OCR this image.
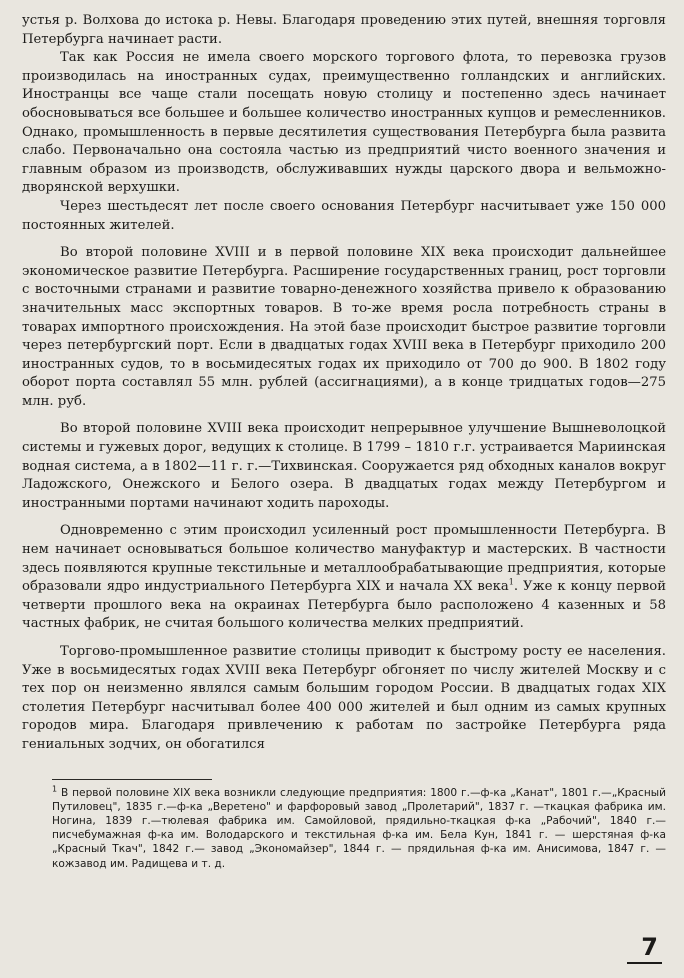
устья р. Волхова до истока р. Невы. Благодаря проведению этих путей, внешняя торговля Петербурга начинает расти.

Так как Россия не имела своего морского торгового флота, то перевозка грузов производилась на иностранных судах, преимущественно голландских и английских. Иностранцы все чаще стали посещать новую столицу и постепенно здесь начинает обосновываться все большее и большее количество иностранных купцов и ремесленников. Однако, промышленность в первые десятилетия существования Петербурга была развита слабо. Первоначально она состояла частью из предприятий чисто военного значения и главным образом из производств, обслуживавших нужды царского двора и вельможно-дворянской верхушки.

Через шестьдесят лет после своего основания Петербург насчитывает уже 150 000 постоянных жителей.

Во второй половине XVIII и в первой половине XIX века происходит дальнейшее экономическое развитие Петербурга. Расширение государственных границ, рост торговли с восточными странами и развитие товарно-денежного хозяйства привело к образованию значительных масс экспортных товаров. В то-же время росла потребность страны в товарах импортного происхождения. На этой базе происходит быстрое развитие торговли через петербургский порт. Если в двадцатых годах XVIII века в Петербург приходило 200 иностранных судов, то в восьмидесятых годах их приходило от 700 до 900. В 1802 году оборот порта составлял 55 млн. рублей (ассигнациями), а в конце тридцатых годов—275 млн. руб.

Во второй половине XVIII века происходит непрерывное улучшение Вышневолоцкой системы и гужевых дорог, ведущих к столице. В 1799 – 1810 г.г. устраивается Мариинская водная система, а в 1802—11 г. г.—Тихвинская. Сооружается ряд обходных каналов вокруг Ладожского, Онежского и Белого озера. В двадцатых годах между Петербургом и иностранными портами начинают ходить пароходы.

Одновременно с этим происходил усиленный рост промышленности Петербурга. В нем начинает основываться большое количество мануфактур и мастерских. В частности здесь появляются крупные текстильные и металлообрабатывающие предприятия, которые образовали ядро индустриального Петербурга XIX и начала XX века$^1$. Уже к концу первой четверти прошлого века на окраинах Петербурга было расположено 4 казенных и 58 частных фабрик, не считая большого количества мелких предприятий.

Торгово-промышленное развитие столицы приводит к быстрому росту ее населения. Уже в восьмидесятых годах XVIII века Петербург обгоняет по числу жителей Москву и с тех пор он неизменно являлся самым большим городом России. В двадцатых годах XIX столетия Петербург насчитывал более 400 000 жителей и был одним из самых крупных городов мира. Благодаря привлечению к работам по застройке Петербурга ряда гениальных зодчих, он обогатился

$^1$ В первой половине XIX века возникли следующие предприятия: 1800 г.—ф-ка „Канат", 1801 г.—„Красный Путиловец", 1835 г.—ф-ка „Веретено" и фарфоровый завод „Пролетарий", 1837 г. —ткацкая фабрика им. Ногина, 1839 г.—тюлевая фабрика им. Самойловой, прядильно-ткацкая ф-ка „Рабочий", 1840 г.—писчебумажная ф-ка им. Володарского и текстильная ф-ка им. Бела Кун, 1841 г. — шерстяная ф-ка „Красный Ткач", 1842 г.— завод „Экономайзер", 1844 г. — прядильная ф-ка им. Анисимова, 1847 г. — кожзавод им. Радищева и т. д.

7
